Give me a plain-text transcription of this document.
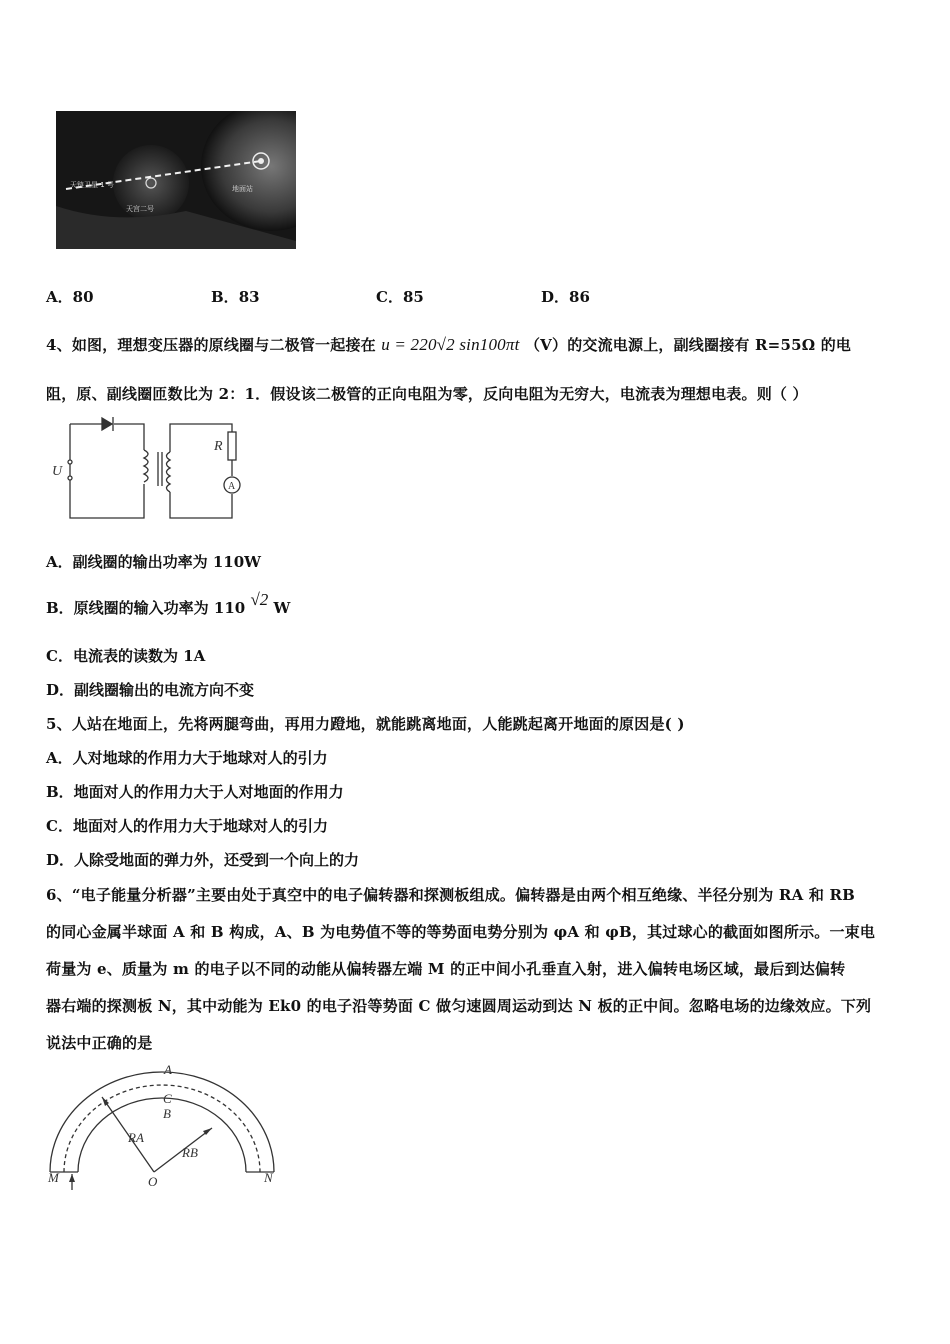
天链卫星 1 号
天宫二号
地面站
A．80	B．83	C．85	D．86
4、如图，理想变压器的原线圈与二极管一起接在 u = 220√2 sin100πt （V）的交流电源上，副线圈接有 R=55Ω 的电
阻，原、副线圈匝数比为 2：1．假设该二极管的正向电阻为零，反向电阻为无穷大，电流表为理想电表。则（ ）
U
R
A
A．副线圈的输出功率为 110W
B．原线圈的输入功率为 110 √2 W
C．电流表的读数为 1A
D．副线圈输出的电流方向不变
5、人站在地面上，先将两腿弯曲，再用力蹬地，就能跳离地面，人能跳起离开地面的原因是( )
A．人对地球的作用力大于地球对人的引力
B．地面对人的作用力大于人对地面的作用力
C．地面对人的作用力大于地球对人的引力
D．人除受地面的弹力外，还受到一个向上的力
6、“电子能量分析器”主要由处于真空中的电子偏转器和探测板组成。偏转器是由两个相互绝缘、半径分别为 RA 和 RB
的同心金属半球面 A 和 B 构成，A、B 为电势值不等的等势面电势分别为 φA 和 φB，其过球心的截面如图所示。一束电
荷量为 e、质量为 m 的电子以不同的动能从偏转器左端 M 的正中间小孔垂直入射，进入偏转电场区域，最后到达偏转
器右端的探测板 N，其中动能为 Ek0 的电子沿等势面 C 做匀速圆周运动到达 N 板的正中间。忽略电场的边缘效应。下列
说法中正确的是
A
C
B
RA
RB
O
M	N
